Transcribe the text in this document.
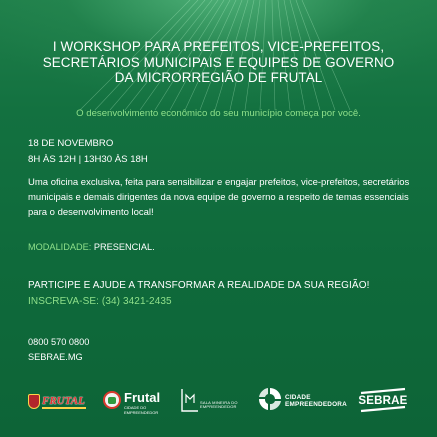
I WORKSHOP PARA PREFEITOS, VICE-PREFEITOS,
SECRETÁRIOS MUNICIPAIS E EQUIPES DE GOVERNO
DA MICRORREGIÃO DE FRUTAL
O desenvolvimento econômico do seu município começa por você.
18 DE NOVEMBRO
8H ÀS 12H | 13H30 ÀS 18H
Uma oficina exclusiva, feita para sensibilizar e engajar prefeitos, vice-prefeitos, secretários municipais e demais dirigentes da nova equipe de governo a respeito de temas essenciais para o desenvolvimento local!
MODALIDADE: PRESENCIAL.
PARTICIPE E AJUDE A TRANSFORMAR A REALIDADE DA SUA REGIÃO!
INSCREVA-SE: (34) 3421-2435
0800 570 0800
SEBRAE.MG
FRUTAL	Frutal
CIDADE DO EMPREENDEDOR
SALA MINEIRA DO EMPREENDEDOR
CIDADE
EMPREENDEDORA SEBRAE
